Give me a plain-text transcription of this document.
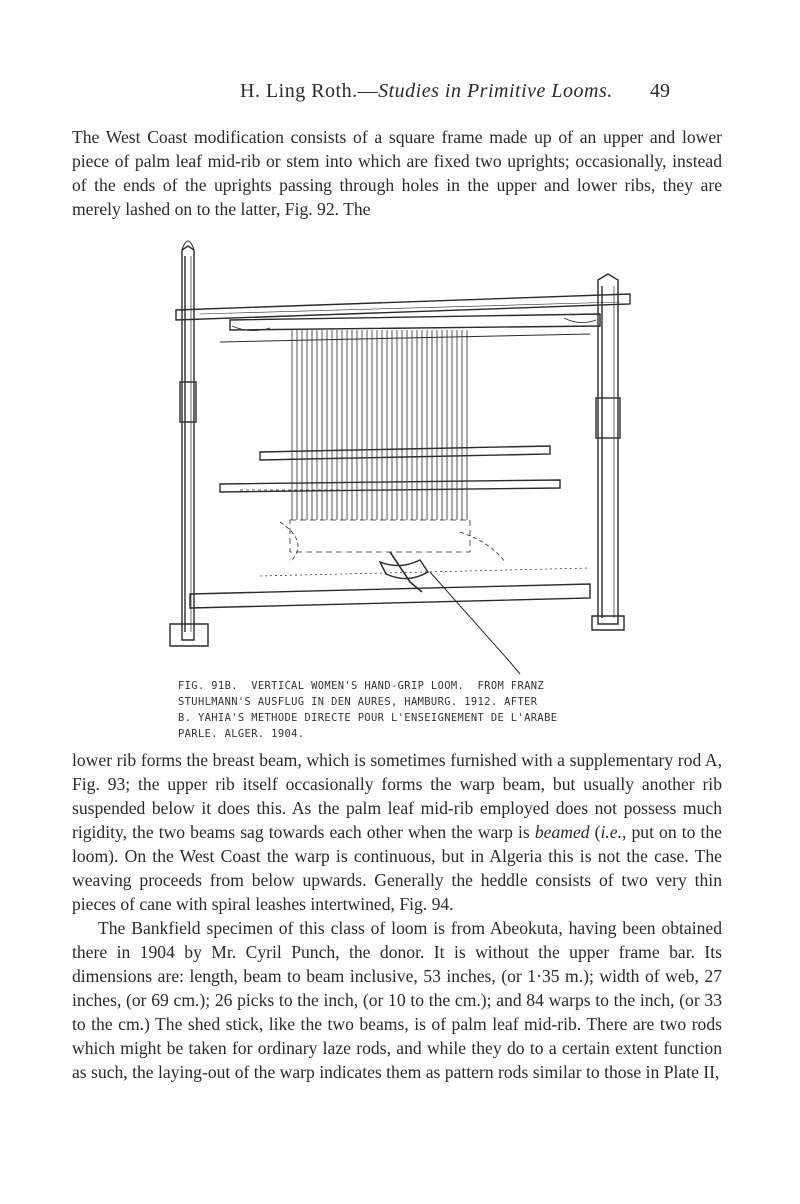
H. Ling Roth.—Studies in Primitive Looms. 49

The West Coast modification consists of a square frame made up of an upper and lower piece of palm leaf mid-rib or stem into which are fixed two uprights; occasionally, instead of the ends of the uprights passing through holes in the upper and lower ribs, they are merely lashed on to the latter, Fig. 92. The

FIG. 91B.  VERTICAL WOMEN'S HAND-GRIP LOOM.  FROM FRANZ
STUHLMANN'S AUSFLUG IN DEN AURES, HAMBURG. 1912. AFTER
B. YAHIA'S METHODE DIRECTE POUR L'ENSEIGNEMENT DE L'ARABE
PARLE. ALGER. 1904.

lower rib forms the breast beam, which is sometimes furnished with a supplementary rod A, Fig. 93; the upper rib itself occasionally forms the warp beam, but usually another rib suspended below it does this. As the palm leaf mid-rib employed does not possess much rigidity, the two beams sag towards each other when the warp is beamed (i.e., put on to the loom). On the West Coast the warp is continuous, but in Algeria this is not the case. The weaving proceeds from below upwards. Generally the heddle consists of two very thin pieces of cane with spiral leashes intertwined, Fig. 94.

The Bankfield specimen of this class of loom is from Abeokuta, having been obtained there in 1904 by Mr. Cyril Punch, the donor. It is without the upper frame bar. Its dimensions are: length, beam to beam inclusive, 53 inches, (or 1·35 m.); width of web, 27 inches, (or 69 cm.); 26 picks to the inch, (or 10 to the cm.); and 84 warps to the inch, (or 33 to the cm.) The shed stick, like the two beams, is of palm leaf mid-rib. There are two rods which might be taken for ordinary laze rods, and while they do to a certain extent function as such, the laying-out of the warp indicates them as pattern rods similar to those in Plate II,
